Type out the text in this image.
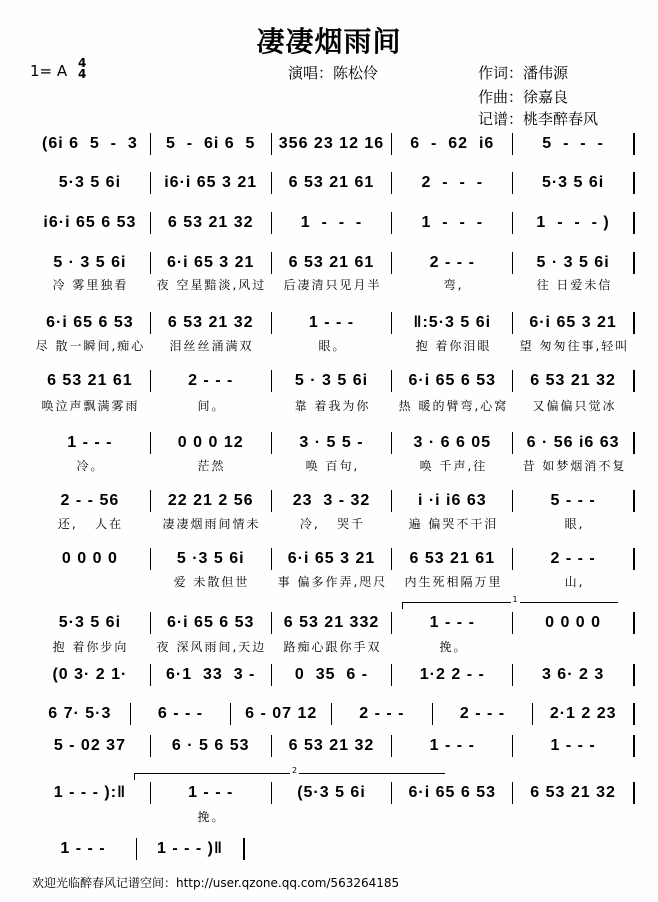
凄凄烟雨间
1= A 4
4	演唱：陈松伶	作词：潘伟源
作曲：徐嘉良
记谱：桃李醉春风
(6i 6  5  -  3	5  -  6i 6  5	356 23 12 16	6  -  62  i6	5  -  -  -
5·3 5 6i	i6·i 65 3 21	6 53 21 61	2  -  -  -	5·3 5 6i
i6·i 65 6 53	6 53 21 32	1  -  -  -	1  -  -  -	1  -  -  - )
5 · 3 5 6i	6·i 65 3 21	6 53 21 61	2 - - -	5 · 3 5 6i
冷 雾里独看	夜 空星黯淡,风过	后凄清只见月半	弯,	往 日爱未信
6·i 65 6 53	6 53 21 32	1 - - -	‖:5·3 5 6i	6·i 65 3 21
尽 散一瞬间,痴心	泪丝丝涌满双	眼。	抱 着你泪眼	望 匆匆往事,轻叫
6 53 21 61	2 - - -	5 · 3 5 6i	6·i 65 6 53	6 53 21 32
唤泣声飘满雾雨	间。	靠 着我为你	热 暖的臂弯,心窝	又偏偏只觉冰
1 - - -	0 0 0 12	3 · 5 5 -	3 · 6 6 05	6 · 56 i6 63
冷。	茫然	唤 百句,	唤 千声,往	昔 如梦烟消不复
2 - - 56	22 21 2 56	23  3 - 32	i ·i i6 63	5 - - -
还,   人在	凄凄烟雨间情未	冷,   哭千	遍 偏哭不干泪	眼,
0 0 0 0	5 ·3 5 6i	6·i 65 3 21	6 53 21 61	2 - - -
爱 未散但世	事 偏多作弄,咫尺	内生死相隔万里	山,
5·3 5 6i	6·i 65 6 53	6 53 21 332	1 - - -	0 0 0 0
抱 着你步向	夜 深风雨间,天边	路痴心跟你手双	挽。
(0 3· 2 1·	6·1  33  3 -	0  35  6 -	1·2 2 - -	3 6· 2 3
6 7· 5·3	6 - - -	6 - 07 12	2 - - -	2 - - -	2·1 2 23
5 - 02 37	6 · 5 6 53	6 53 21 32	1 - - -	1 - - -
1 - - - ):‖	1 - - -	(5·3 5 6i	6·i 65 6 53	6 53 21 32
挽。
1 - - -	1 - - - )‖
1
2
欢迎光临醉春风记谱空间：http://user.qzone.qq.com/563264185
